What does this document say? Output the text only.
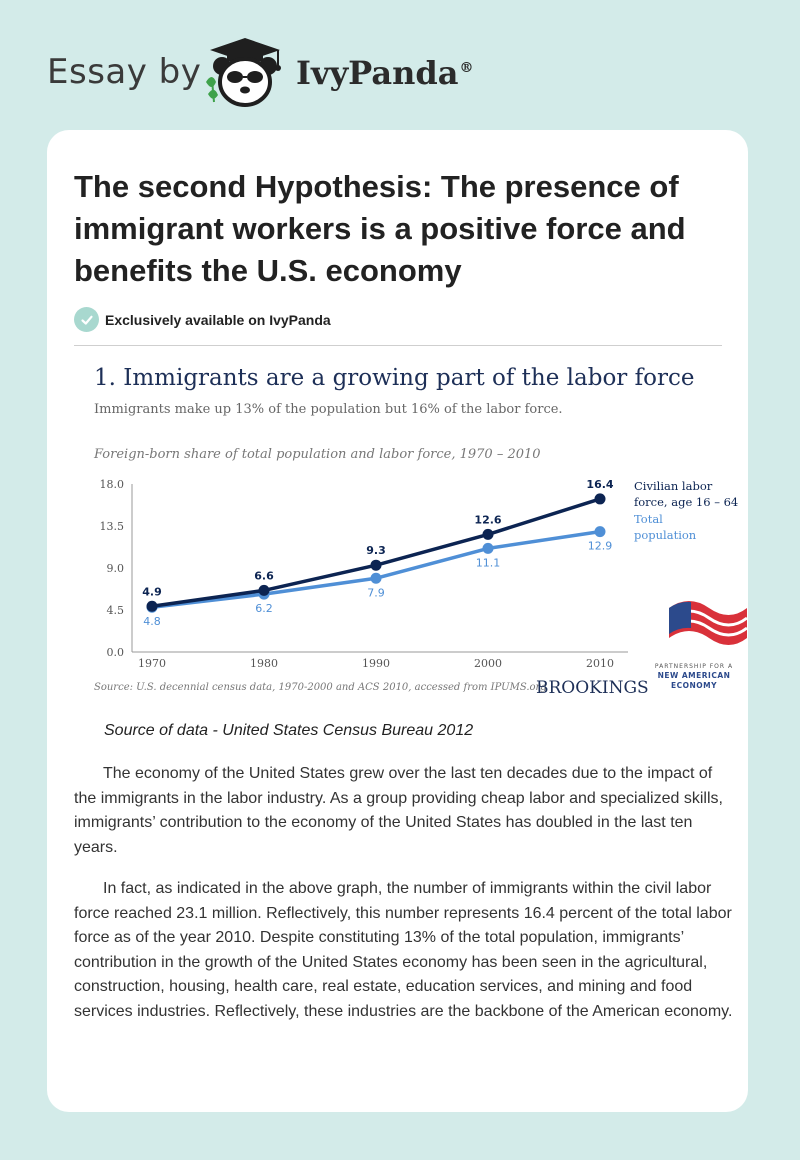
Essay by	IvyPanda®
The second Hypothesis: The presence of immigrant workers is a positive force and benefits the U.S. economy
Exclusively available on IvyPanda
1. Immigrants are a growing part of the labor force
Immigrants make up 13% of the population but 16% of the labor force.
Foreign-born share of total population and labor force, 1970 – 2010
0.0
4.5
9.0
13.5
18.0
1970	1980	1990	2000	2010
4.8
6.2
7.9
11.1
12.9
4.9
6.6
9.3
12.6
16.4 Civilian labor
force, age 16 – 64
Total
population
Source: U.S. decennial census data, 1970-2000 and ACS 2010, accessed from IPUMS.org
BROOKINGS
PARTNERSHIP FOR A
NEW AMERICAN
ECONOMY
Source of data - United States Census Bureau 2012

The economy of the United States grew over the last ten decades due to the impact of the immigrants in the labor industry. As a group providing cheap labor and specialized skills, immigrants’ contribution to the economy of the United States has doubled in the last ten years.

In fact, as indicated in the above graph, the number of immigrants within the civil labor force reached 23.1 million. Reflectively, this number represents 16.4 percent of the total labor force as of the year 2010. Despite constituting 13% of the total population, immigrants’ contribution in the growth of the United States economy has been seen in the agricultural, construction, housing, health care, real estate, education services, and mining and food services industries. Reflectively, these industries are the backbone of the American economy.
